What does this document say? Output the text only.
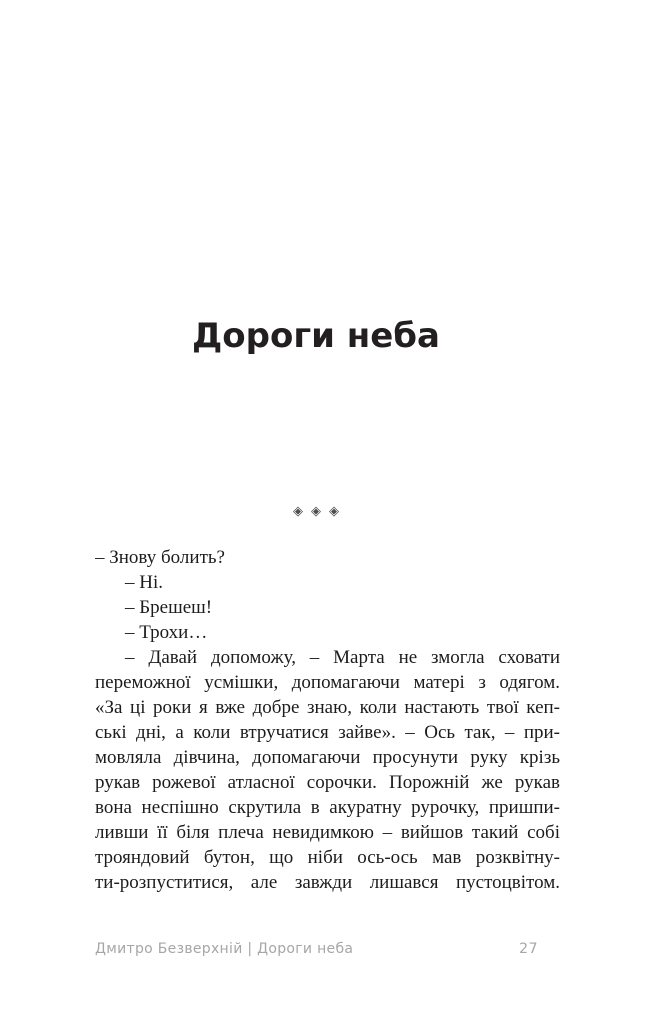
Дороги неба
◈ ◈ ◈
– Знову болить?
– Ні.
– Брешеш!
– Трохи…
– Давай допоможу, – Марта не змогла сховати
переможної усмішки, допомагаючи матері з одягом.
«За ці роки я вже добре знаю, коли настають твої кеп-
ські дні, а коли втручатися зайве». – Ось так, – при-
мовляла дівчина, допомагаючи просунути руку крізь
рукав рожевої атласної сорочки. Порожній же рукав
вона неспішно скрутила в акуратну рурочку, пришпи-
ливши її біля плеча невидимкою – вийшов такий собі
трояндовий бутон, що ніби ось-ось мав розквітну-
ти-розпуститися, але завжди лишався пустоцвітом.
Дмитро Безверхній | Дороги неба	27
